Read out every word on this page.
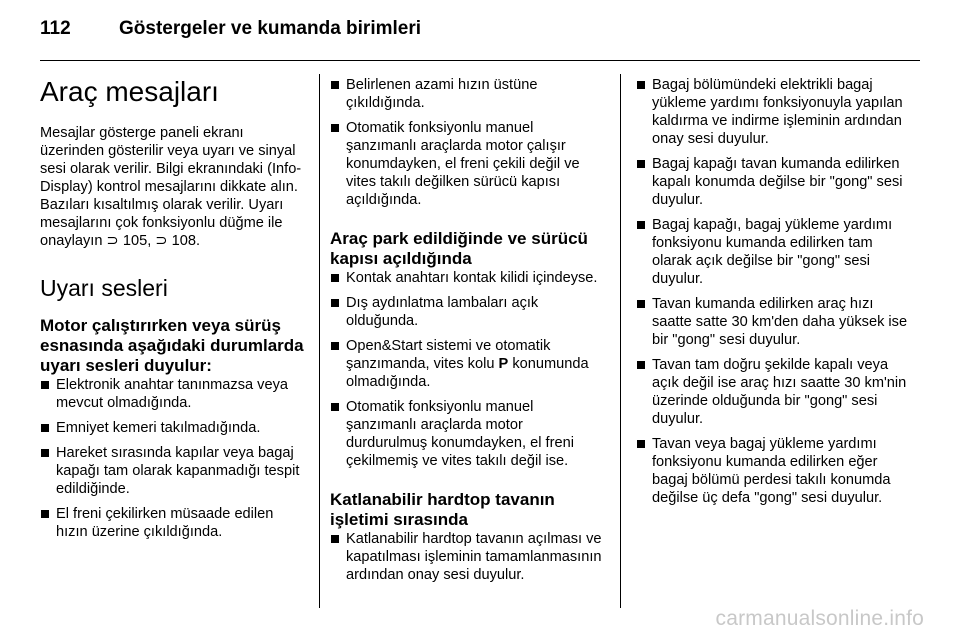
112	Göstergeler ve kumanda birimleri
Araç mesajları

Mesajlar gösterge paneli ekranı üzerinden gösterilir veya uyarı ve sinyal sesi olarak verilir. Bilgi ekranındaki (Info-Display) kontrol mesajlarını dikkate alın. Bazıları kısaltılmış olarak verilir. Uyarı mesajlarını çok fonksiyonlu düğme ile onaylayın ⊃ 105, ⊃ 108.

Uyarı sesleri
Motor çalıştırırken veya sürüş esnasında aşağıdaki durumlarda uyarı sesleri duyulur:
Elektronik anahtar tanınmazsa veya mevcut olmadığında.
Emniyet kemeri takılmadığında.
Hareket sırasında kapılar veya bagaj kapağı tam olarak kapanmadığı tespit edildiğinde.
El freni çekilirken müsaade edilen hızın üzerine çıkıldığında.
Belirlenen azami hızın üstüne çıkıldığında.
Otomatik fonksiyonlu manuel şanzımanlı araçlarda motor çalışır konumdayken, el freni çekili değil ve vites takılı değilken sürücü kapısı açıldığında.
Araç park edildiğinde ve sürücü kapısı açıldığında
Kontak anahtarı kontak kilidi içindeyse.
Dış aydınlatma lambaları açık olduğunda.
Open&Start sistemi ve otomatik şanzımanda, vites kolu P konumunda olmadığında.
Otomatik fonksiyonlu manuel şanzımanlı araçlarda motor durdurulmuş konumdayken, el freni çekilmemiş ve vites takılı değil ise.
Katlanabilir hardtop tavanın işletimi sırasında
Katlanabilir hardtop tavanın açılması ve kapatılması işleminin tamamlanmasının ardından onay sesi duyulur.
Bagaj bölümündeki elektrikli bagaj yükleme yardımı fonksiyonuyla yapılan kaldırma ve indirme işleminin ardından onay sesi duyulur.
Bagaj kapağı tavan kumanda edilirken kapalı konumda değilse bir "gong" sesi duyulur.
Bagaj kapağı, bagaj yükleme yardımı fonksiyonu kumanda edilirken tam olarak açık değilse bir "gong" sesi duyulur.
Tavan kumanda edilirken araç hızı saatte satte 30 km'den daha yüksek ise bir "gong" sesi duyulur.
Tavan tam doğru şekilde kapalı veya açık değil ise araç hızı saatte 30 km'nin üzerinde olduğunda bir "gong" sesi duyulur.
Tavan veya bagaj yükleme yardımı fonksiyonu kumanda edilirken eğer bagaj bölümü perdesi takılı konumda değilse üç defa "gong" sesi duyulur.
carmanualsonline.info
